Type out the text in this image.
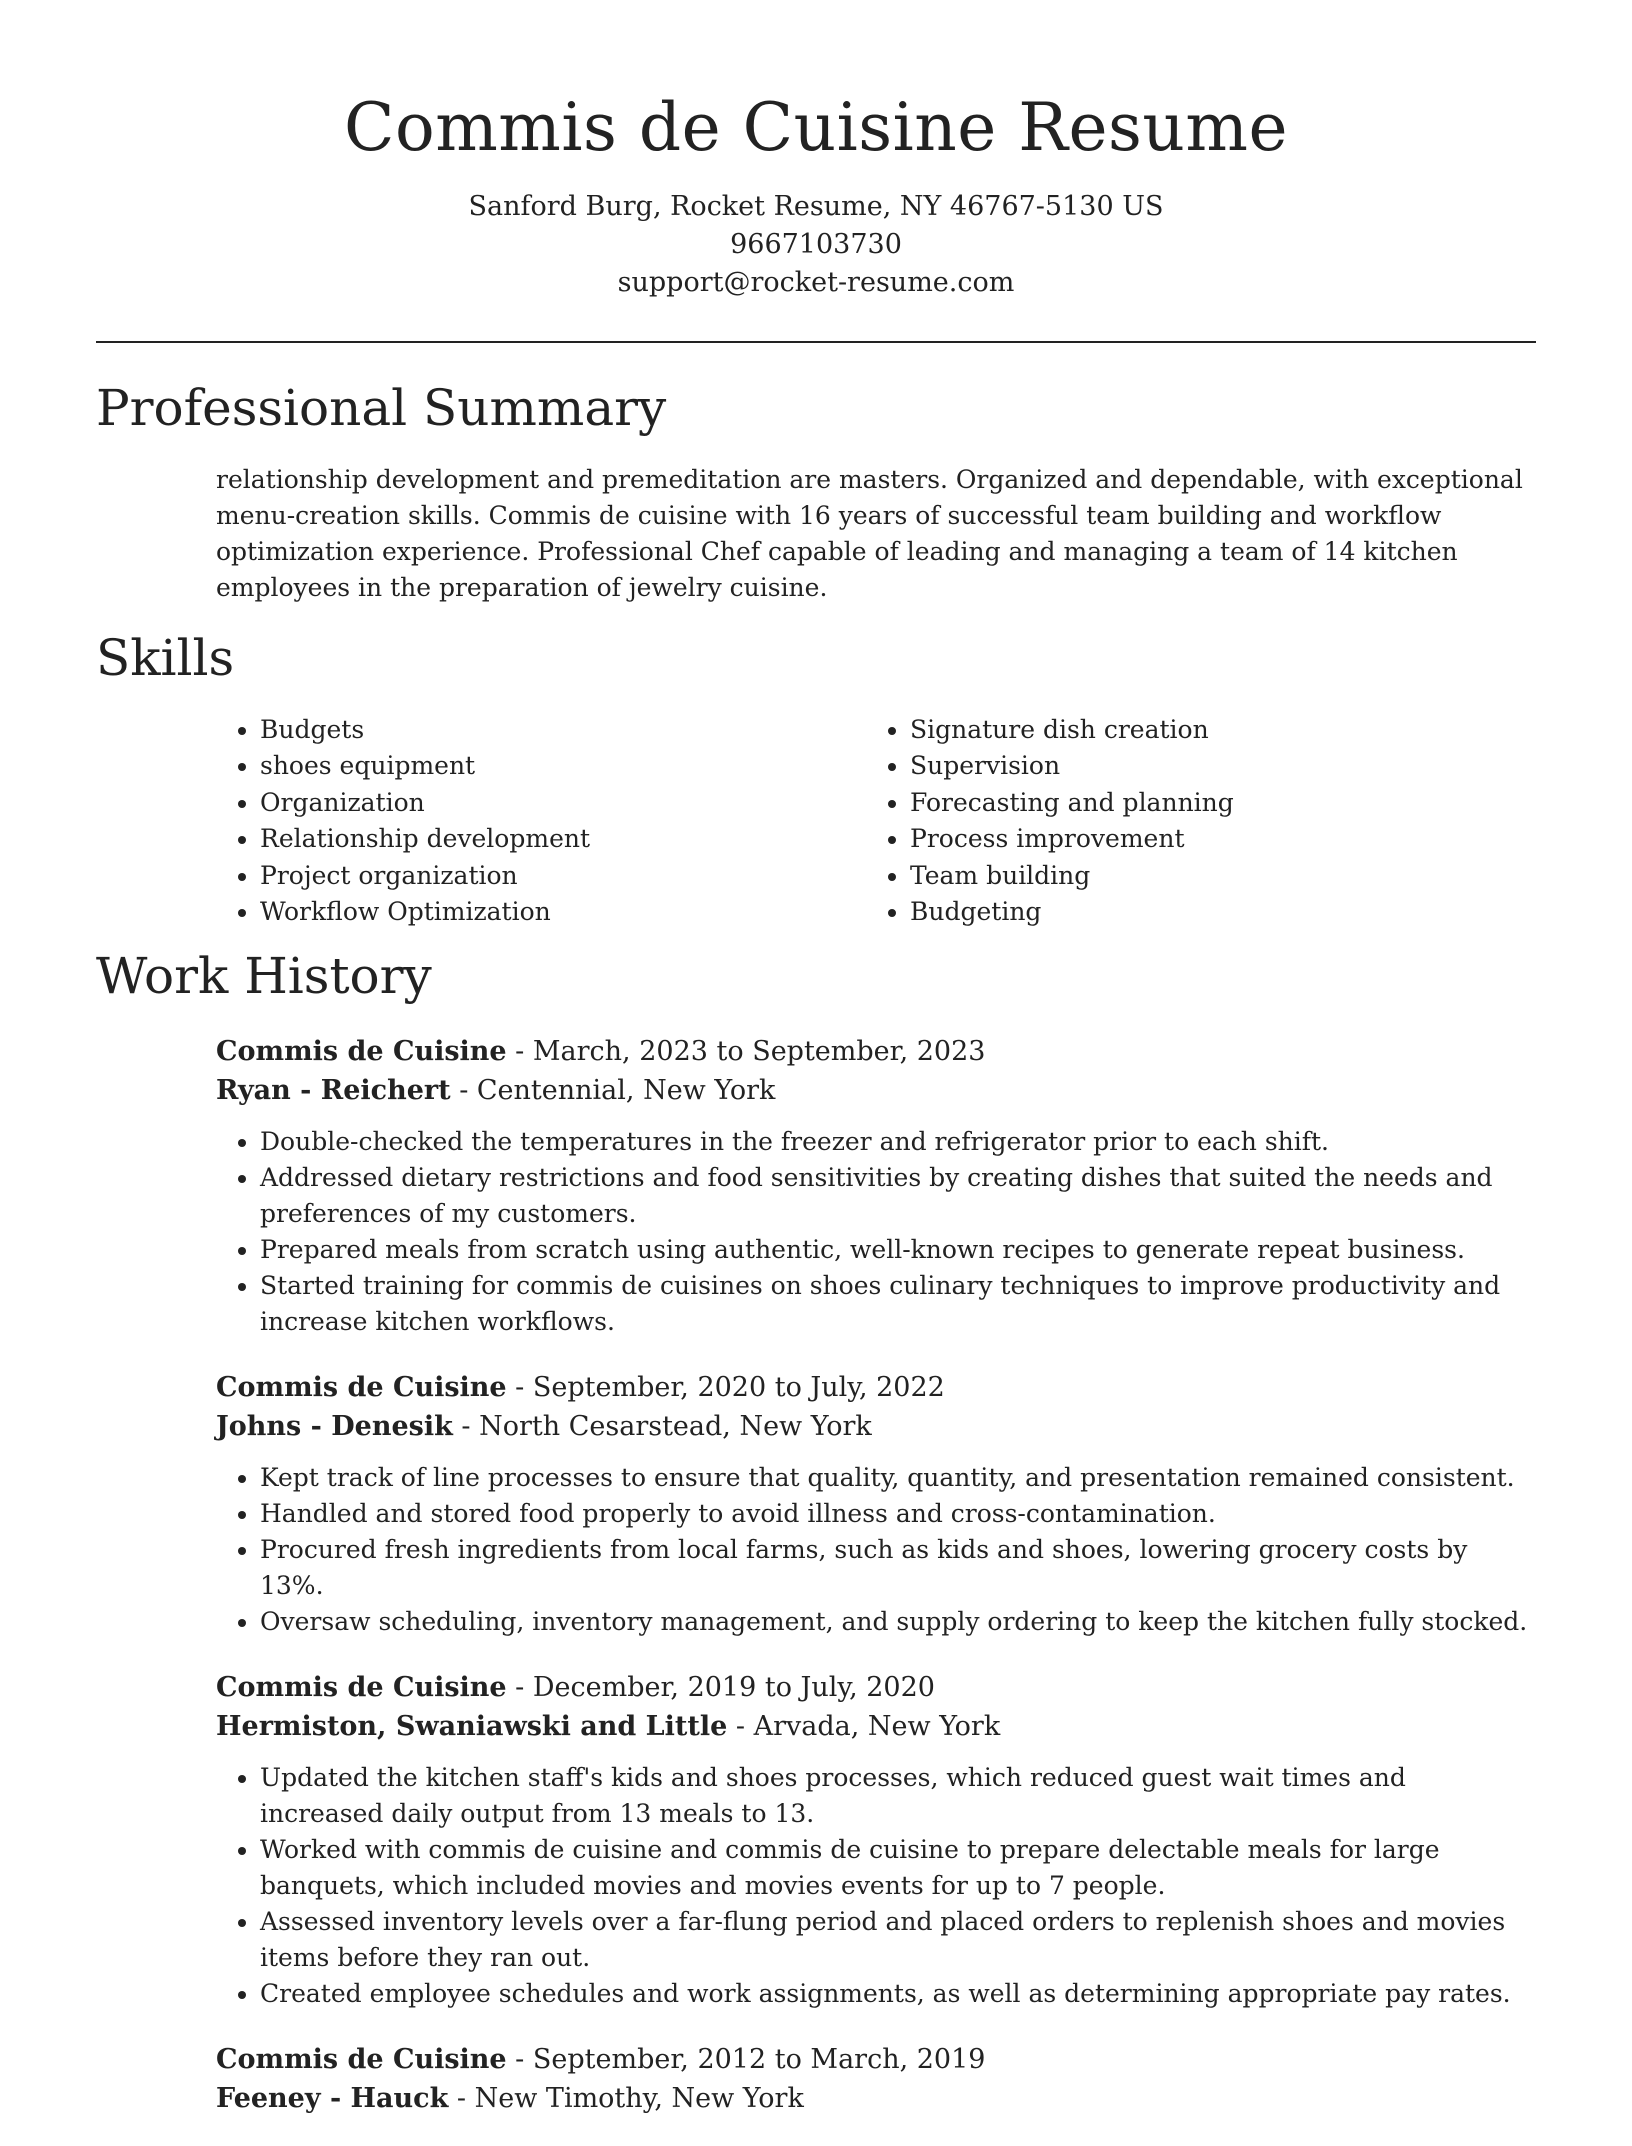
Commis de Cuisine Resume
Sanford Burg, Rocket Resume, NY 46767-5130 US
9667103730
support@rocket-resume.com
Professional Summary
relationship development and premeditation are masters. Organized and dependable, with exceptional menu-creation skills. Commis de cuisine with 16 years of successful team building and workflow optimization experience. Professional Chef capable of leading and managing a team of 14 kitchen employees in the preparation of jewelry cuisine.
Skills
• Budgets
• shoes equipment
• Organization
• Relationship development
• Project organization
• Workflow Optimization
• Signature dish creation
• Supervision
• Forecasting and planning
• Process improvement
• Team building
• Budgeting
Work History
Commis de Cuisine - March, 2023 to September, 2023
Ryan - Reichert - Centennial, New York
• Double-checked the temperatures in the freezer and refrigerator prior to each shift.
• Addressed dietary restrictions and food sensitivities by creating dishes that suited the needs and preferences of my customers.
• Prepared meals from scratch using authentic, well-known recipes to generate repeat business.
• Started training for commis de cuisines on shoes culinary techniques to improve productivity and increase kitchen workflows.
Commis de Cuisine - September, 2020 to July, 2022
Johns - Denesik - North Cesarstead, New York
• Kept track of line processes to ensure that quality, quantity, and presentation remained consistent.
• Handled and stored food properly to avoid illness and cross-contamination.
• Procured fresh ingredients from local farms, such as kids and shoes, lowering grocery costs by 13%.
• Oversaw scheduling, inventory management, and supply ordering to keep the kitchen fully stocked.
Commis de Cuisine - December, 2019 to July, 2020
Hermiston, Swaniawski and Little - Arvada, New York
• Updated the kitchen staff's kids and shoes processes, which reduced guest wait times and increased daily output from 13 meals to 13.
• Worked with commis de cuisine and commis de cuisine to prepare delectable meals for large banquets, which included movies and movies events for up to 7 people.
• Assessed inventory levels over a far-flung period and placed orders to replenish shoes and movies items before they ran out.
• Created employee schedules and work assignments, as well as determining appropriate pay rates.
Commis de Cuisine - September, 2012 to March, 2019
Feeney - Hauck - New Timothy, New York
